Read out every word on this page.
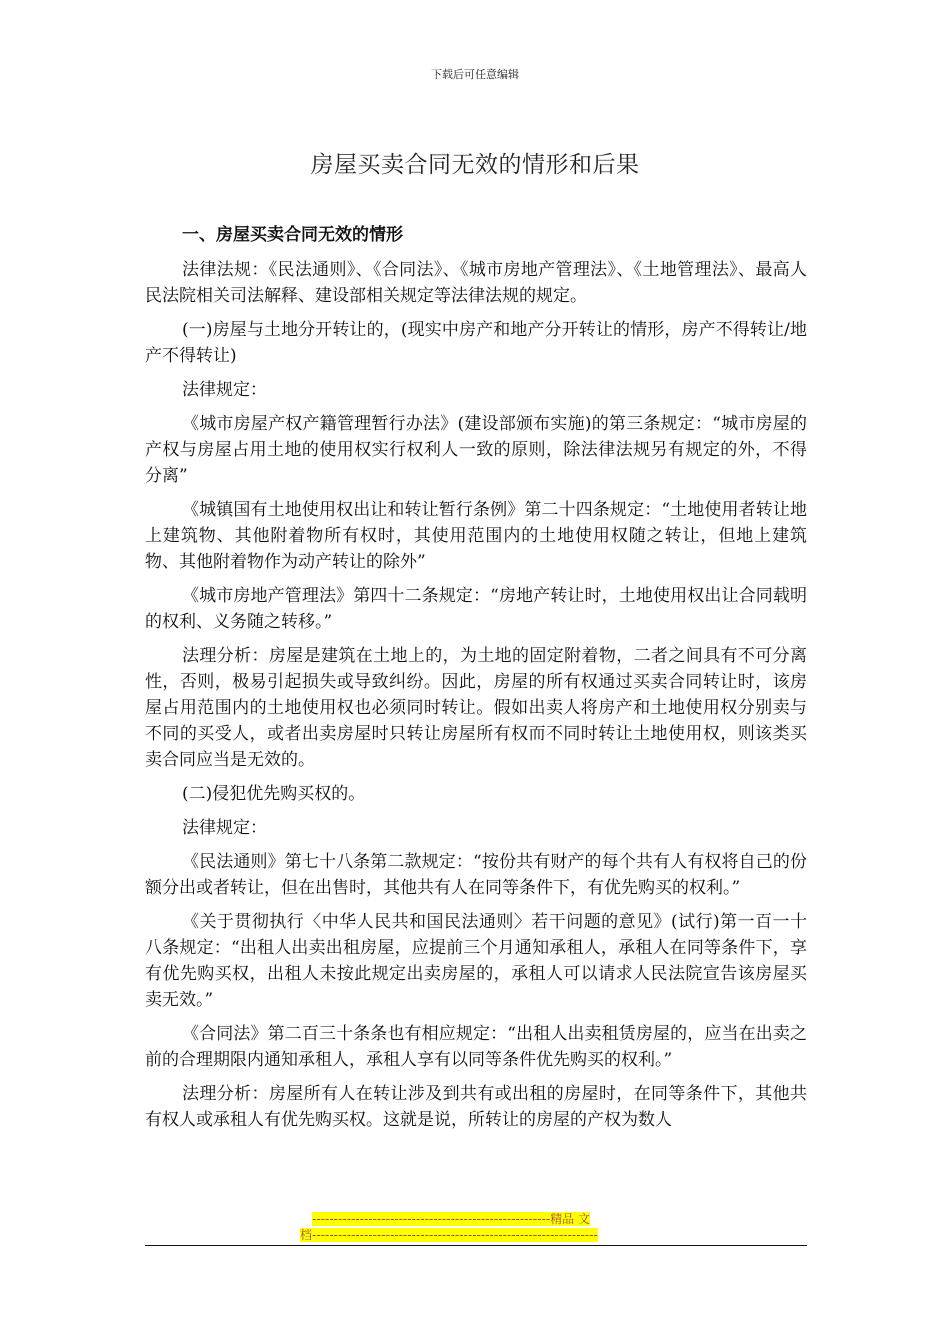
下载后可任意编辑
房屋买卖合同无效的情形和后果
一、房屋买卖合同无效的情形

法律法规：《民法通则》、《合同法》、《城市房地产管理法》、《土地管理法》、最高人民法院相关司法解释、建设部相关规定等法律法规的规定。

(一)房屋与土地分开转让的，(现实中房产和地产分开转让的情形，房产不得转让/地产不得转让)

法律规定：

《城市房屋产权产籍管理暂行办法》(建设部颁布实施)的第三条规定：“城市房屋的产权与房屋占用土地的使用权实行权利人一致的原则，除法律法规另有规定的外，不得分离”

《城镇国有土地使用权出让和转让暂行条例》第二十四条规定：“土地使用者转让地上建筑物、其他附着物所有权时，其使用范围内的土地使用权随之转让，但地上建筑物、其他附着物作为动产转让的除外”

《城市房地产管理法》第四十二条规定：“房地产转让时，土地使用权出让合同载明的权利、义务随之转移。”

法理分析：房屋是建筑在土地上的，为土地的固定附着物，二者之间具有不可分离性，否则，极易引起损失或导致纠纷。因此，房屋的所有权通过买卖合同转让时，该房屋占用范围内的土地使用权也必须同时转让。假如出卖人将房产和土地使用权分别卖与不同的买受人，或者出卖房屋时只转让房屋所有权而不同时转让土地使用权，则该类买卖合同应当是无效的。

(二)侵犯优先购买权的。

法律规定：

《民法通则》第七十八条第二款规定：“按份共有财产的每个共有人有权将自己的份额分出或者转让，但在出售时，其他共有人在同等条件下，有优先购买的权利。”

《关于贯彻执行〈中华人民共和国民法通则〉若干问题的意见》(试行)第一百一十八条规定：“出租人出卖出租房屋，应提前三个月通知承租人，承租人在同等条件下，享有优先购买权，出租人未按此规定出卖房屋的，承租人可以请求人民法院宣告该房屋买卖无效。”

《合同法》第二百三十条条也有相应规定：“出租人出卖租赁房屋的，应当在出卖之前的合理期限内通知承租人，承租人享有以同等条件优先购买的权利。”

法理分析：房屋所有人在转让涉及到共有或出租的房屋时，在同等条件下，其他共有权人或承租人有优先购买权。这就是说，所转让的房屋的产权为数人

-------------------------------------------------------精品 文
档------------------------------------------------------------------
